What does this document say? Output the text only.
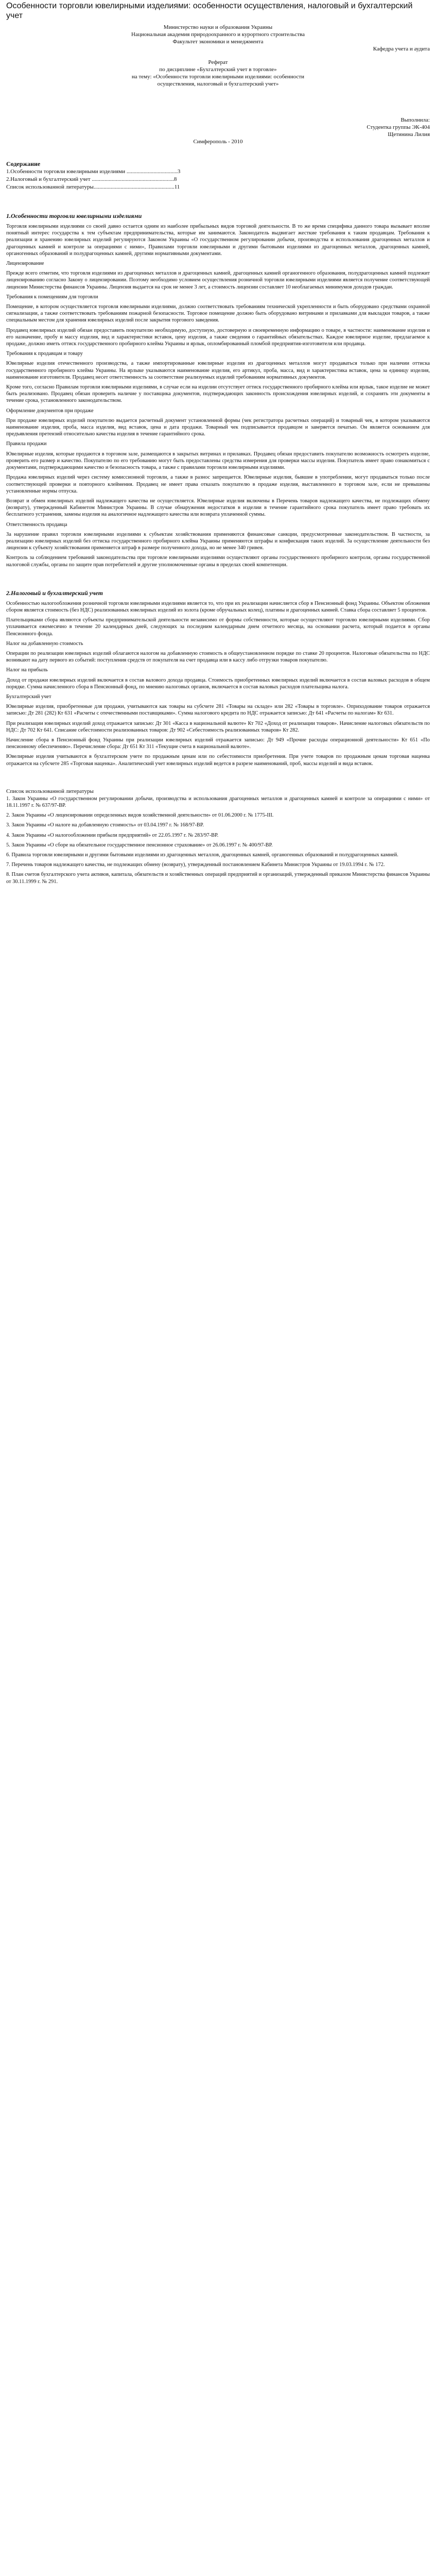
Особенности торговли ювелирными изделиями: особенности осуществления, налоговый и бухгалтерский учет

Министерство науки и образования Украины

Национальная академия природоохранного и курортного строительства

Факультет экономики и менеджмента

Кафедра учета и аудита

Реферат

по дисциплине «Бухгалтерский учет в торговле»

на тему: «Особенности торговли ювелирными изделиями: особенности

осуществления, налоговый и бухгалтерский учет»

Выполнила:

Студентка группы ЭК-404

Щетинина Лилия

Симферополь - 2010

Содержание

1.Особенности торговли ювелирными изделиями ....................................3

2.Налоговый и бухгалтерский учет ..........................................................8

Список использованной литературы.........................................................11

1.Особенности торговли ювелирными изделиями

Торговля ювелирными изделиями со своей давно остается одним из наиболее прибыльных видов торговой деятельности. В то же время специфика данного товара вызывает вполне понятный интерес государства к тем субъектам предпринимательства, которые им занимаются. Законодатель выдвигает жесткие требования к таким продавцам. Требования к реализации и хранению ювелирных изделий регулируются Законом Украины «О государственном регулировании добычи, производства и использования драгоценных металлов и драгоценных камней и контроле за операциями с ними», Правилами торговли ювелирными и другими бытовыми изделиями из драгоценных металлов, драгоценных камней, органогенных образований и полудрагоценных камней, другими нормативными документами.

Лицензирование

Прежде всего отметим, что торговля изделиями из драгоценных металлов и драгоценных камней, драгоценных камней органогенного образования, полудрагоценных камней подлежит лицензированию согласно Закону о лицензировании. Поэтому необходимо условием осуществления розничной торговли ювелирными изделиями является получение соответствующей лицензии Министерства финансов Украины. Лицензия выдается на срок не менее 3 лет, а стоимость лицензии составляет 10 необлагаемых минимумов доходов граждан.

Требования к помещениям для торговли

Помещение, в котором осуществляется торговля ювелирными изделиями, должно соответствовать требованиям технической укрепленности и быть оборудовано средствами охранной сигнализации, а также соответствовать требованиям пожарной безопасности. Торговое помещение должно быть оборудовано витринами и прилавками для выкладки товаров, а также специальным местом для хранения ювелирных изделий после закрытия торгового заведения.

Продавец ювелирных изделий обязан предоставить покупателю необходимую, доступную, достоверную и своевременную информацию о товаре, в частности: наименование изделия и его назначение, пробу и массу изделия, вид и характеристики вставок, цену изделия, а также сведения о гарантийных обязательствах. Каждое ювелирное изделие, предлагаемое к продаже, должно иметь оттиск государственного пробирного клейма Украины и ярлык, опломбированный пломбой предприятия-изготовителя или продавца.

Требования к продавцам и товару

Ювелирные изделия отечественного производства, а также импортированные ювелирные изделия из драгоценных металлов могут продаваться только при наличии оттиска государственного пробирного клейма Украины. На ярлыке указываются наименование изделия, его артикул, проба, масса, вид и характеристика вставок, цена за единицу изделия, наименование изготовителя. Продавец несет ответственность за соответствие реализуемых изделий требованиям нормативных документов.

Кроме того, согласно Правилам торговли ювелирными изделиями, в случае если на изделии отсутствует оттиск государственного пробирного клейма или ярлык, такое изделие не может быть реализовано. Продавец обязан проверить наличие у поставщика документов, подтверждающих законность происхождения ювелирных изделий, и сохранять эти документы в течение срока, установленного законодательством.

Оформление документов при продаже

При продаже ювелирных изделий покупателю выдается расчетный документ установленной формы (чек регистратора расчетных операций) и товарный чек, в котором указываются наименование изделия, проба, масса изделия, вид вставок, цена и дата продажи. Товарный чек подписывается продавцом и заверяется печатью. Он является основанием для предъявления претензий относительно качества изделия в течение гарантийного срока.

Правила продажи

Ювелирные изделия, которые продаются в торговом зале, размещаются в закрытых витринах и прилавках. Продавец обязан предоставить покупателю возможность осмотреть изделие, проверить его размер и качество. Покупателю по его требованию могут быть предоставлены средства измерения для проверки массы изделия. Покупатель имеет право ознакомиться с документами, подтверждающими качество и безопасность товара, а также с правилами торговли ювелирными изделиями.

Продажа ювелирных изделий через систему комиссионной торговли, а также в разнос запрещается. Ювелирные изделия, бывшие в употреблении, могут продаваться только после соответствующей проверки и повторного клеймения. Продавец не имеет права отказать покупателю в продаже изделия, выставленного в торговом зале, если не превышены установленные нормы отпуска.

Возврат и обмен ювелирных изделий надлежащего качества не осуществляется. Ювелирные изделия включены в Перечень товаров надлежащего качества, не подлежащих обмену (возврату), утвержденный Кабинетом Министров Украины. В случае обнаружения недостатков в изделии в течение гарантийного срока покупатель имеет право требовать их бесплатного устранения, замены изделия на аналогичное надлежащего качества или возврата уплаченной суммы.

Ответственность продавца

За нарушение правил торговли ювелирными изделиями к субъектам хозяйствования применяются финансовые санкции, предусмотренные законодательством. В частности, за реализацию ювелирных изделий без оттиска государственного пробирного клейма Украины применяются штрафы и конфискация таких изделий. За осуществление деятельности без лицензии к субъекту хозяйствования применяется штраф в размере полученного дохода, но не менее 340 гривен.

Контроль за соблюдением требований законодательства при торговле ювелирными изделиями осуществляют органы государственного пробирного контроля, органы государственной налоговой службы, органы по защите прав потребителей и другие уполномоченные органы в пределах своей компетенции.

2.Налоговый и бухгалтерский учет

Особенностью налогообложения розничной торговли ювелирными изделиями является то, что при их реализации начисляется сбор в Пенсионный фонд Украины. Объектом обложения сбором является стоимость (без НДС) реализованных ювелирных изделий из золота (кроме обручальных колец), платины и драгоценных камней. Ставка сбора составляет 5 процентов.

Плательщиками сбора являются субъекты предпринимательской деятельности независимо от формы собственности, которые осуществляют торговлю ювелирными изделиями. Сбор уплачивается ежемесячно в течение 20 календарных дней, следующих за последним календарным днем отчетного месяца, на основании расчета, который подается в органы Пенсионного фонда.

Налог на добавленную стоимость

Операции по реализации ювелирных изделий облагаются налогом на добавленную стоимость в общеустановленном порядке по ставке 20 процентов. Налоговые обязательства по НДС возникают на дату первого из событий: поступления средств от покупателя на счет продавца или в кассу либо отгрузки товаров покупателю.

Налог на прибыль

Доход от продажи ювелирных изделий включается в состав валового дохода продавца. Стоимость приобретенных ювелирных изделий включается в состав валовых расходов в общем порядке. Сумма начисленного сбора в Пенсионный фонд, по мнению налоговых органов, включается в состав валовых расходов плательщика налога.

Бухгалтерский учет

Ювелирные изделия, приобретенные для продажи, учитываются как товары на субсчете 281 «Товары на складе» или 282 «Товары в торговле». Оприходование товаров отражается записью: Дт 281 (282) Кт 631 «Расчеты с отечественными поставщиками». Сумма налогового кредита по НДС отражается записью: Дт 641 «Расчеты по налогам» Кт 631.

При реализации ювелирных изделий доход отражается записью: Дт 301 «Касса в национальной валюте» Кт 702 «Доход от реализации товаров». Начисление налоговых обязательств по НДС: Дт 702 Кт 641. Списание себестоимости реализованных товаров: Дт 902 «Себестоимость реализованных товаров» Кт 282.

Начисление сбора в Пенсионный фонд Украины при реализации ювелирных изделий отражается записью: Дт 949 «Прочие расходы операционной деятельности» Кт 651 «По пенсионному обеспечению». Перечисление сбора: Дт 651 Кт 311 «Текущие счета в национальной валюте».

Ювелирные изделия учитываются в бухгалтерском учете по продажным ценам или по себестоимости приобретения. При учете товаров по продажным ценам торговая наценка отражается на субсчете 285 «Торговая наценка». Аналитический учет ювелирных изделий ведется в разрезе наименований, проб, массы изделий и вида вставок.

Список использованной литературы

1. Закон Украины «О государственном регулировании добычи, производства и использования драгоценных металлов и драгоценных камней и контроле за операциями с ними» от 18.11.1997 г. № 637/97-ВР.

2. Закон Украины «О лицензировании определенных видов хозяйственной деятельности» от 01.06.2000 г. № 1775-III.

3. Закон Украины «О налоге на добавленную стоимость» от 03.04.1997 г. № 168/97-ВР.

4. Закон Украины «О налогообложении прибыли предприятий» от 22.05.1997 г. № 283/97-ВР.

5. Закон Украины «О сборе на обязательное государственное пенсионное страхование» от 26.06.1997 г. № 400/97-ВР.

6. Правила торговли ювелирными и другими бытовыми изделиями из драгоценных металлов, драгоценных камней, органогенных образований и полудрагоценных камней.

7. Перечень товаров надлежащего качества, не подлежащих обмену (возврату), утвержденный постановлением Кабинета Министров Украины от 19.03.1994 г. № 172.

8. План счетов бухгалтерского учета активов, капитала, обязательств и хозяйственных операций предприятий и организаций, утвержденный приказом Министерства финансов Украины от 30.11.1999 г. № 291.
